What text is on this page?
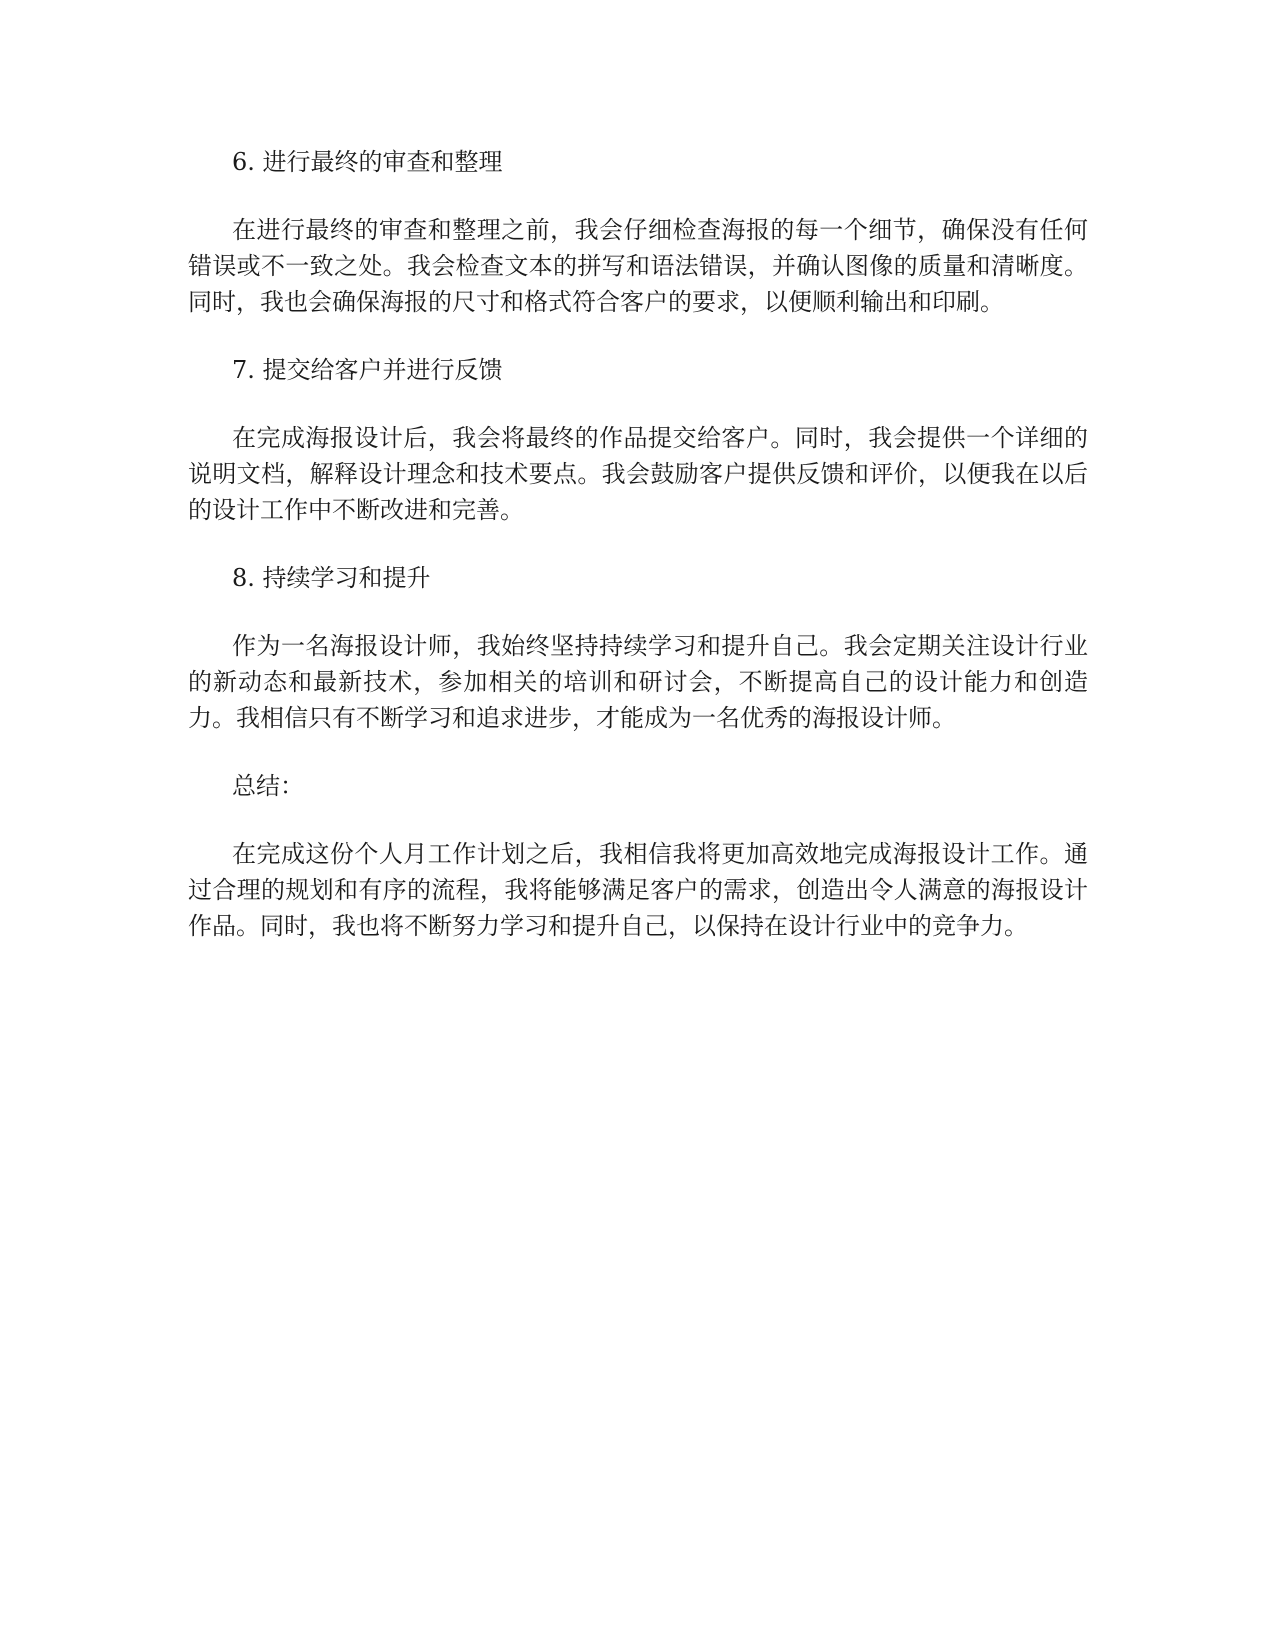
6. 进行最终的审查和整理

在进行最终的审查和整理之前，我会仔细检查海报的每一个细节，确保没有任何错误或不一致之处。我会检查文本的拼写和语法错误，并确认图像的质量和清晰度。同时，我也会确保海报的尺寸和格式符合客户的要求，以便顺利输出和印刷。

7. 提交给客户并进行反馈

在完成海报设计后，我会将最终的作品提交给客户。同时，我会提供一个详细的说明文档，解释设计理念和技术要点。我会鼓励客户提供反馈和评价，以便我在以后的设计工作中不断改进和完善。

8. 持续学习和提升

作为一名海报设计师，我始终坚持持续学习和提升自己。我会定期关注设计行业的新动态和最新技术，参加相关的培训和研讨会，不断提高自己的设计能力和创造力。我相信只有不断学习和追求进步，才能成为一名优秀的海报设计师。

总结：

在完成这份个人月工作计划之后，我相信我将更加高效地完成海报设计工作。通过合理的规划和有序的流程，我将能够满足客户的需求，创造出令人满意的海报设计作品。同时，我也将不断努力学习和提升自己，以保持在设计行业中的竞争力。
